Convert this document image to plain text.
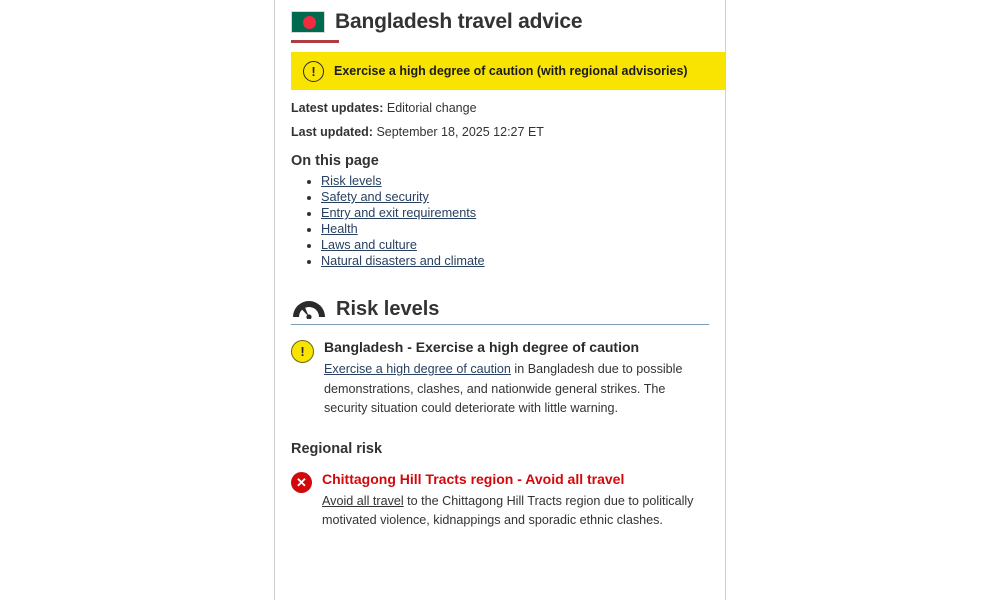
Bangladesh travel advice
!	Exercise a high degree of caution (with regional advisories)
Latest updates: Editorial change
Last updated: September 18, 2025 12:27 ET
On this page
• Risk levels
• Safety and security
• Entry and exit requirements
• Health
• Laws and culture
• Natural disasters and climate
Risk levels
!	Bangladesh - Exercise a high degree of caution
Exercise a high degree of caution in Bangladesh due to possible demonstrations, clashes, and nationwide general strikes. The security situation could deteriorate with little warning.
Regional risk
✕	Chittagong Hill Tracts region - Avoid all travel
Avoid all travel to the Chittagong Hill Tracts region due to politically motivated violence, kidnappings and sporadic ethnic clashes.
